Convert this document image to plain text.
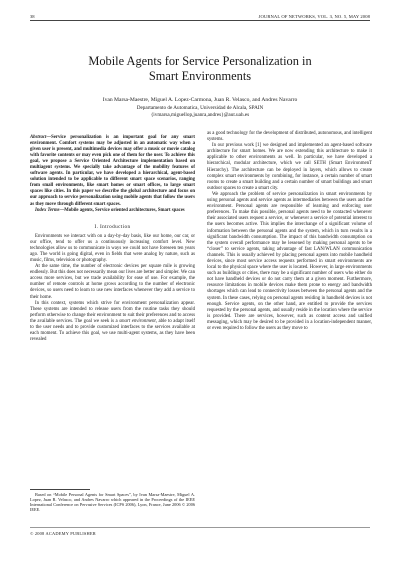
38	JOURNAL OF NETWORKS, VOL. 3, NO. 5, MAY 2008
Mobile Agents for Service Personalization in
Smart Environments
Ivan Marsa-Maestre, Miguel A. Lopez-Carmona, Juan R. Velasco, and Andres Navarro
Departamento de Automatica, Universidad de Alcala, SPAIN
{ivmarsa,miguellop,juanra,andres}@aut.uah.es

Abstract—Service personalization is an important goal for any smart environment. Comfort systems may be adjusted in an automatic way when a given user is present, and multimedia devices may offer a music or movie catalog with favorite contents or may even pick one of them for the user. To achieve this goal, we propose a Service Oriented Architecture implementation based on multiagent systems. We specially take advantage of the mobility features of software agents. In particular, we have developed a hierarchical, agent-based solution intended to be applicable to different smart space scenarios, ranging from small environments, like smart homes or smart offices, to large smart spaces like cities. In this paper we describe the global architecture and focus on our approach to service personalization using mobile agents that follow the users as they move through different smart spaces.

Index Terms—Mobile agents, Service oriented architectures, Smart spaces

I. Introduction

Environments we interact with on a day-by-day basis, like our home, our car, or our office, tend to offer us a continuously increasing comfort level. New technologies allow us to communicate in ways we could not have foreseen ten years ago. The world is going digital, even in fields that were analog by nature, such as music, films, television or photography.

At the same time, the number of electronic devices per square mile is growing endlessly. But this does not necessarily mean our lives are better and simpler. We can access more services, but we trade availability for ease of use. For example, the number of remote controls at home grows according to the number of electronic devices, so users need to learn to use new interfaces whenever they add a service to their home.

In this context, systems which strive for environment personalization appear. These systems are intended to release users from the routine tasks they should perform otherwise to change their environment to suit their preferences and to access the available services. The goal we seek is a smart environment, able to adapt itself to the user needs and to provide customized interfaces to the services available at each moment. To achieve this goal, we use multi-agent systems, as they have been revealed

Based on “Mobile Personal Agents for Smart Spaces”, by Ivan Marsa-Maestre, Miguel A. Lopez, Juan R. Velasco, and Andres Navarro which appeared in the Proceedings of the IEEE International Conference on Pervasive Services (ICPS 2006), Lyon, France, June 2006 © 2006 IEEE.

as a good technology for the development of distributed, autonomous, and intelligent systems.

In our previous work [1] we designed and implemented an agent-based software architecture for smart homes. We are now extending this architecture to make it applicable to other environments as well. In particular, we have developed a hierarchical, modular architecture, which we call SETH (Smart EnvironmenT Hierarchy). The architecture can be deployed in layers, which allows to create complex smart environments by combining, for instance, a certain number of smart rooms to create a smart building and a certain number of smart buildings and smart outdoor spaces to create a smart city.

We approach the problem of service personalization in smart environments by using personal agents and service agents as intermediaries between the users and the environment. Personal agents are responsible of learning and enforcing user preferences. To make this possible, personal agents need to be contacted whenever their associated users request a service, or whenever a service of potential interest to the users becomes active. This implies the interchange of a significant volume of information between the personal agents and the system, which in turn results in a significant bandwidth consumption. The impact of this bandwidth consumption on the system overall performance may be lessened by making personal agents to be “closer” to service agents, taking advantage of fast LAN/WLAN communication channels. This is usually achieved by placing personal agents into mobile handheld devices, since most service access requests performed in smart environments are local to the physical space where the user is located. However, in large environments such as buildings or cities, there may be a significant number of users who either do not have handheld devices or do not carry them at a given moment. Furthermore, resource limitations in mobile devices make them prone to energy and bandwidth shortages which can lead to connectivity losses between the personal agents and the system. In these cases, relying on personal agents residing in handheld devices is not enough. Service agents, on the other hand, are entitled to provide the services requested by the personal agents, and usually reside in the location where the service is provided. There are services, however, such as content access and unified messaging, which may be desired to be provided in a location-independent manner, or even required to follow the users as they move to

© 2008 ACADEMY PUBLISHER
